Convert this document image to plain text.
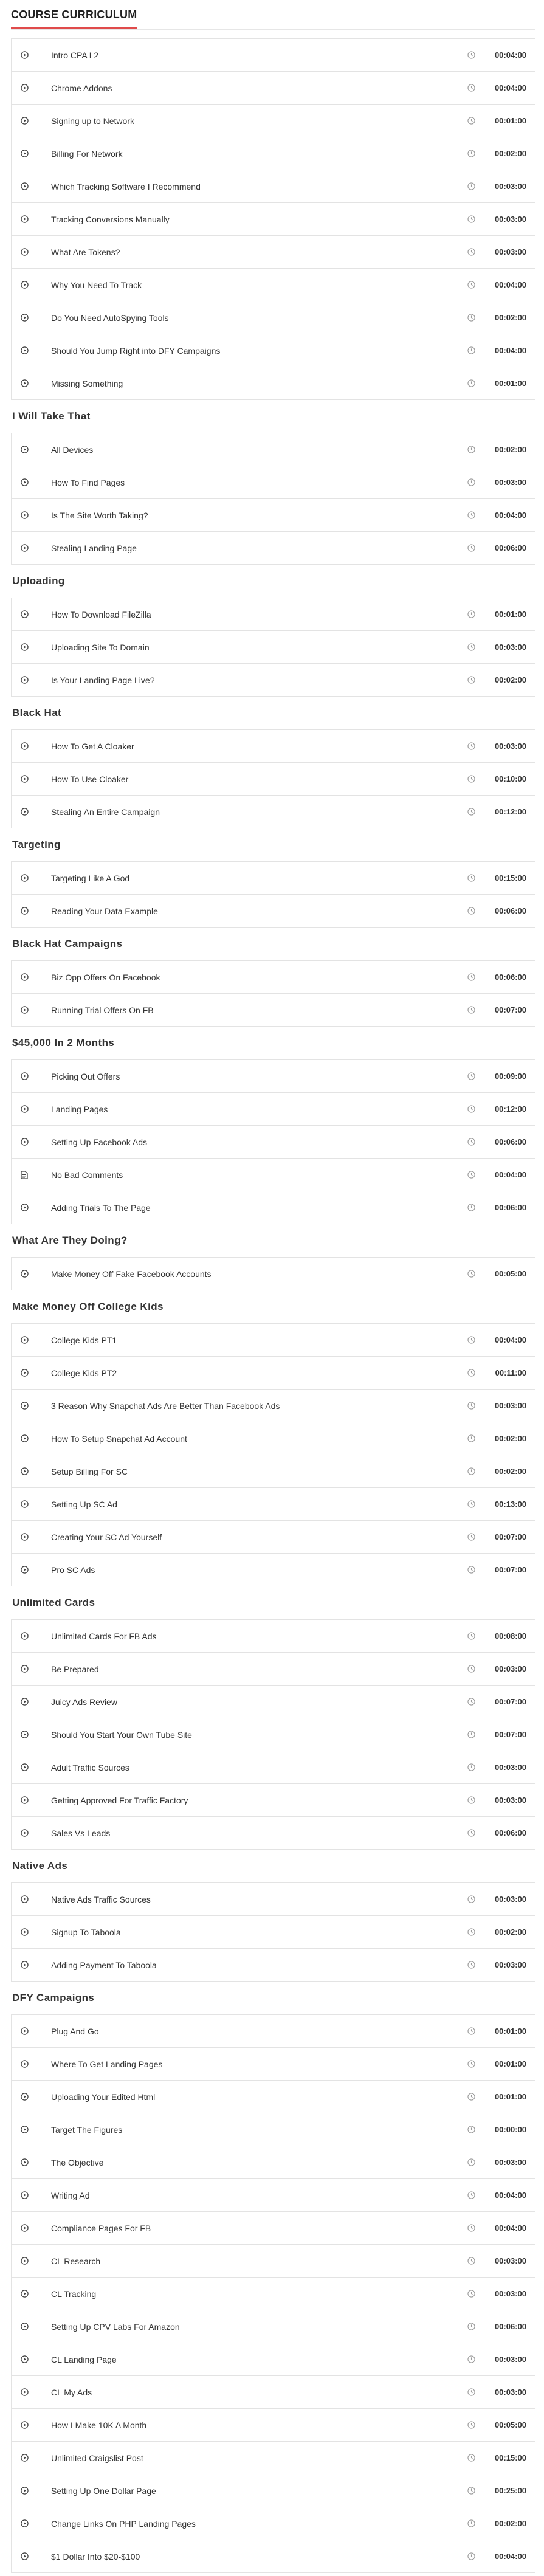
COURSE CURRICULUM
Intro CPA L2	00:04:00
Chrome Addons	00:04:00
Signing up to Network	00:01:00
Billing For Network	00:02:00
Which Tracking Software I Recommend	00:03:00
Tracking Conversions Manually	00:03:00
What Are Tokens?	00:03:00
Why You Need To Track	00:04:00
Do You Need AutoSpying Tools	00:02:00
Should You Jump Right into DFY Campaigns	00:04:00
Missing Something	00:01:00
I Will Take That
All Devices	00:02:00
How To Find Pages	00:03:00
Is The Site Worth Taking?	00:04:00
Stealing Landing Page	00:06:00
Uploading
How To Download FileZilla	00:01:00
Uploading Site To Domain	00:03:00
Is Your Landing Page Live?	00:02:00
Black Hat
How To Get A Cloaker	00:03:00
How To Use Cloaker	00:10:00
Stealing An Entire Campaign	00:12:00
Targeting
Targeting Like A God	00:15:00
Reading Your Data Example	00:06:00
Black Hat Campaigns
Biz Opp Offers On Facebook	00:06:00
Running Trial Offers On FB	00:07:00
$45,000 In 2 Months
Picking Out Offers	00:09:00
Landing Pages	00:12:00
Setting Up Facebook Ads	00:06:00
No Bad Comments	00:04:00
Adding Trials To The Page	00:06:00
What Are They Doing?
Make Money Off Fake Facebook Accounts	00:05:00
Make Money Off College Kids
College Kids PT1	00:04:00
College Kids PT2	00:11:00
3 Reason Why Snapchat Ads Are Better Than Facebook Ads	00:03:00
How To Setup Snapchat Ad Account	00:02:00
Setup Billing For SC	00:02:00
Setting Up SC Ad	00:13:00
Creating Your SC Ad Yourself	00:07:00
Pro SC Ads	00:07:00
Unlimited Cards
Unlimited Cards For FB Ads	00:08:00
Be Prepared	00:03:00
Juicy Ads Review	00:07:00
Should You Start Your Own Tube Site	00:07:00
Adult Traffic Sources	00:03:00
Getting Approved For Traffic Factory	00:03:00
Sales Vs Leads	00:06:00
Native Ads
Native Ads Traffic Sources	00:03:00
Signup To Taboola	00:02:00
Adding Payment To Taboola	00:03:00
DFY Campaigns
Plug And Go	00:01:00
Where To Get Landing Pages	00:01:00
Uploading Your Edited Html	00:01:00
Target The Figures	00:00:00
The Objective	00:03:00
Writing Ad	00:04:00
Compliance Pages For FB	00:04:00
CL Research	00:03:00
CL Tracking	00:03:00
Setting Up CPV Labs For Amazon	00:06:00
CL Landing Page	00:03:00
CL My Ads	00:03:00
How I Make 10K A Month	00:05:00
Unlimited Craigslist Post	00:15:00
Setting Up One Dollar Page	00:25:00
Change Links On PHP Landing Pages	00:02:00
$1 Dollar Into $20-$100	00:04:00
